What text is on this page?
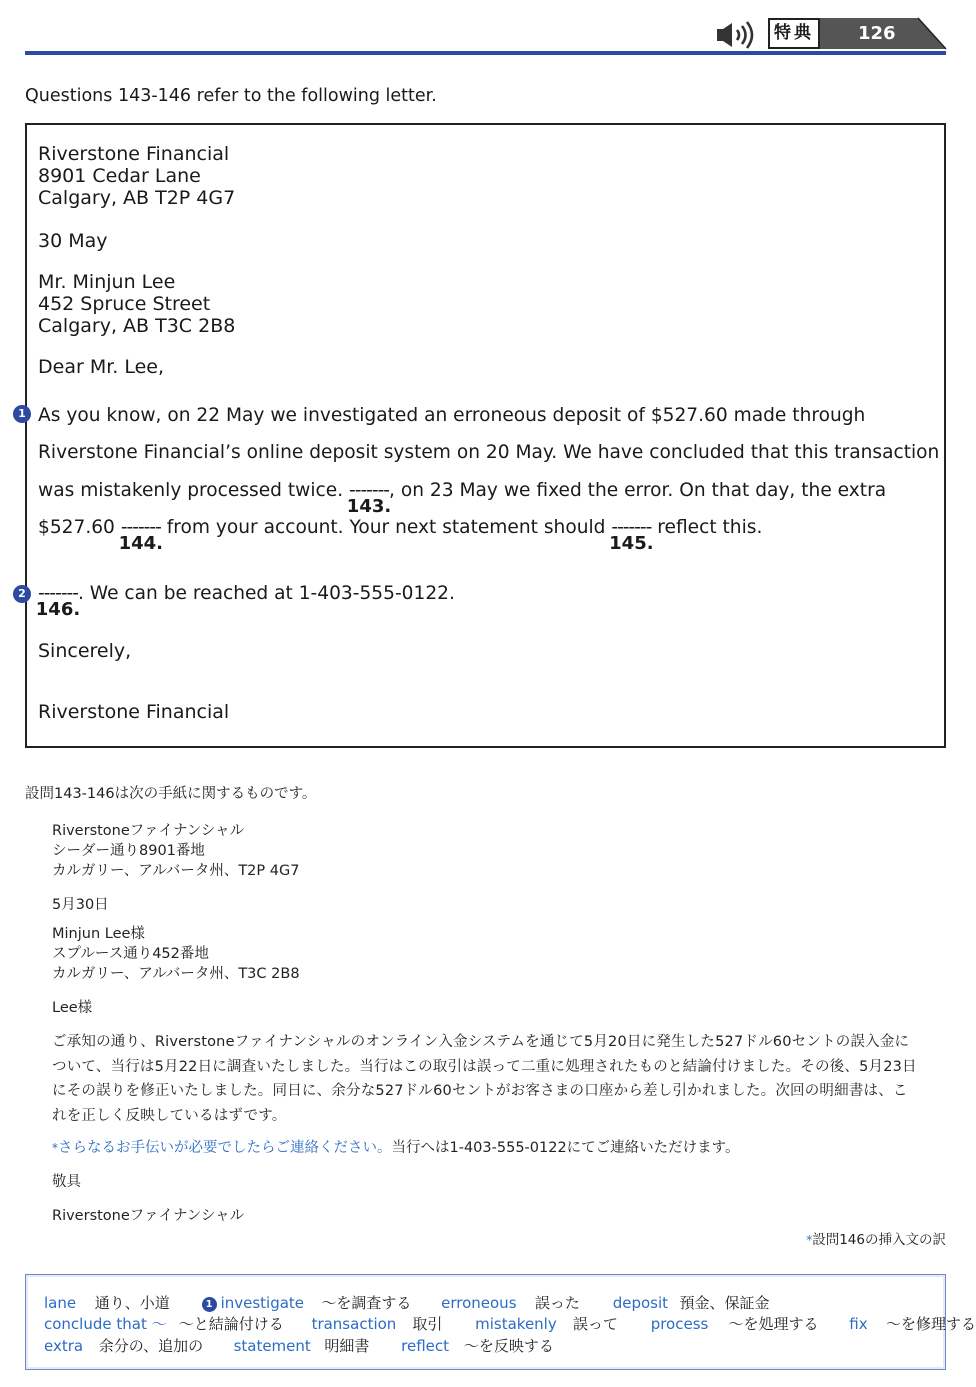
特典	126
Questions 143-146 refer to the following letter.
Riverstone Financial
8901 Cedar Lane
Calgary, AB T2P 4G7
30 May
Mr. Minjun Lee
452 Spruce Street
Calgary, AB T3C 2B8
Dear Mr. Lee,
1 As you know, on 22 May we investigated an erroneous deposit of $527.60 made through
Riverstone Financial’s online deposit system on 20 May. We have concluded that this transaction
was mistakenly processed twice. -------
143.
, on 23 May we fixed the error. On that day, the extra
$527.60 -------
144.
from your account. Your next statement should -------
145.
reflect this.
2 -------
146.
. We can be reached at 1-403-555-0122.
Sincerely,
Riverstone Financial
設問143-146は次の手紙に関するものです。
Riverstoneファイナンシャル
シーダー通り8901番地
カルガリー、アルバータ州、T2P 4G7
5月30日
Minjun Lee様
スプルース通り452番地
カルガリー、アルバータ州、T3C 2B8
Lee様
ご承知の通り、Riverstoneファイナンシャルのオンライン入金システムを通じて5月20日に発生した527ドル60セントの誤入金について、当行は5月22日に調査いたしました。当行はこの取引は誤って二重に処理されたものと結論付けました。その後、5月23日にその誤りを修正いたしました。同日に、余分な527ドル60セントがお客さまの口座から差し引かれました。次回の明細書は、これを正しく反映しているはずです。
*さらなるお手伝いが必要でしたらご連絡ください。当行へは1-403-555-0122にてご連絡いただけます。
敬具
Riverstoneファイナンシャル
*設問146の挿入文の訳
lane 通り、小道	1 investigate ～を調査する erroneous 誤った deposit 預金、保証金
conclude that ～ ～と結論付ける transaction 取引 mistakenly 誤って process ～を処理する fix ～を修理する
extra 余分の、追加の statement 明細書 reflect ～を反映する
